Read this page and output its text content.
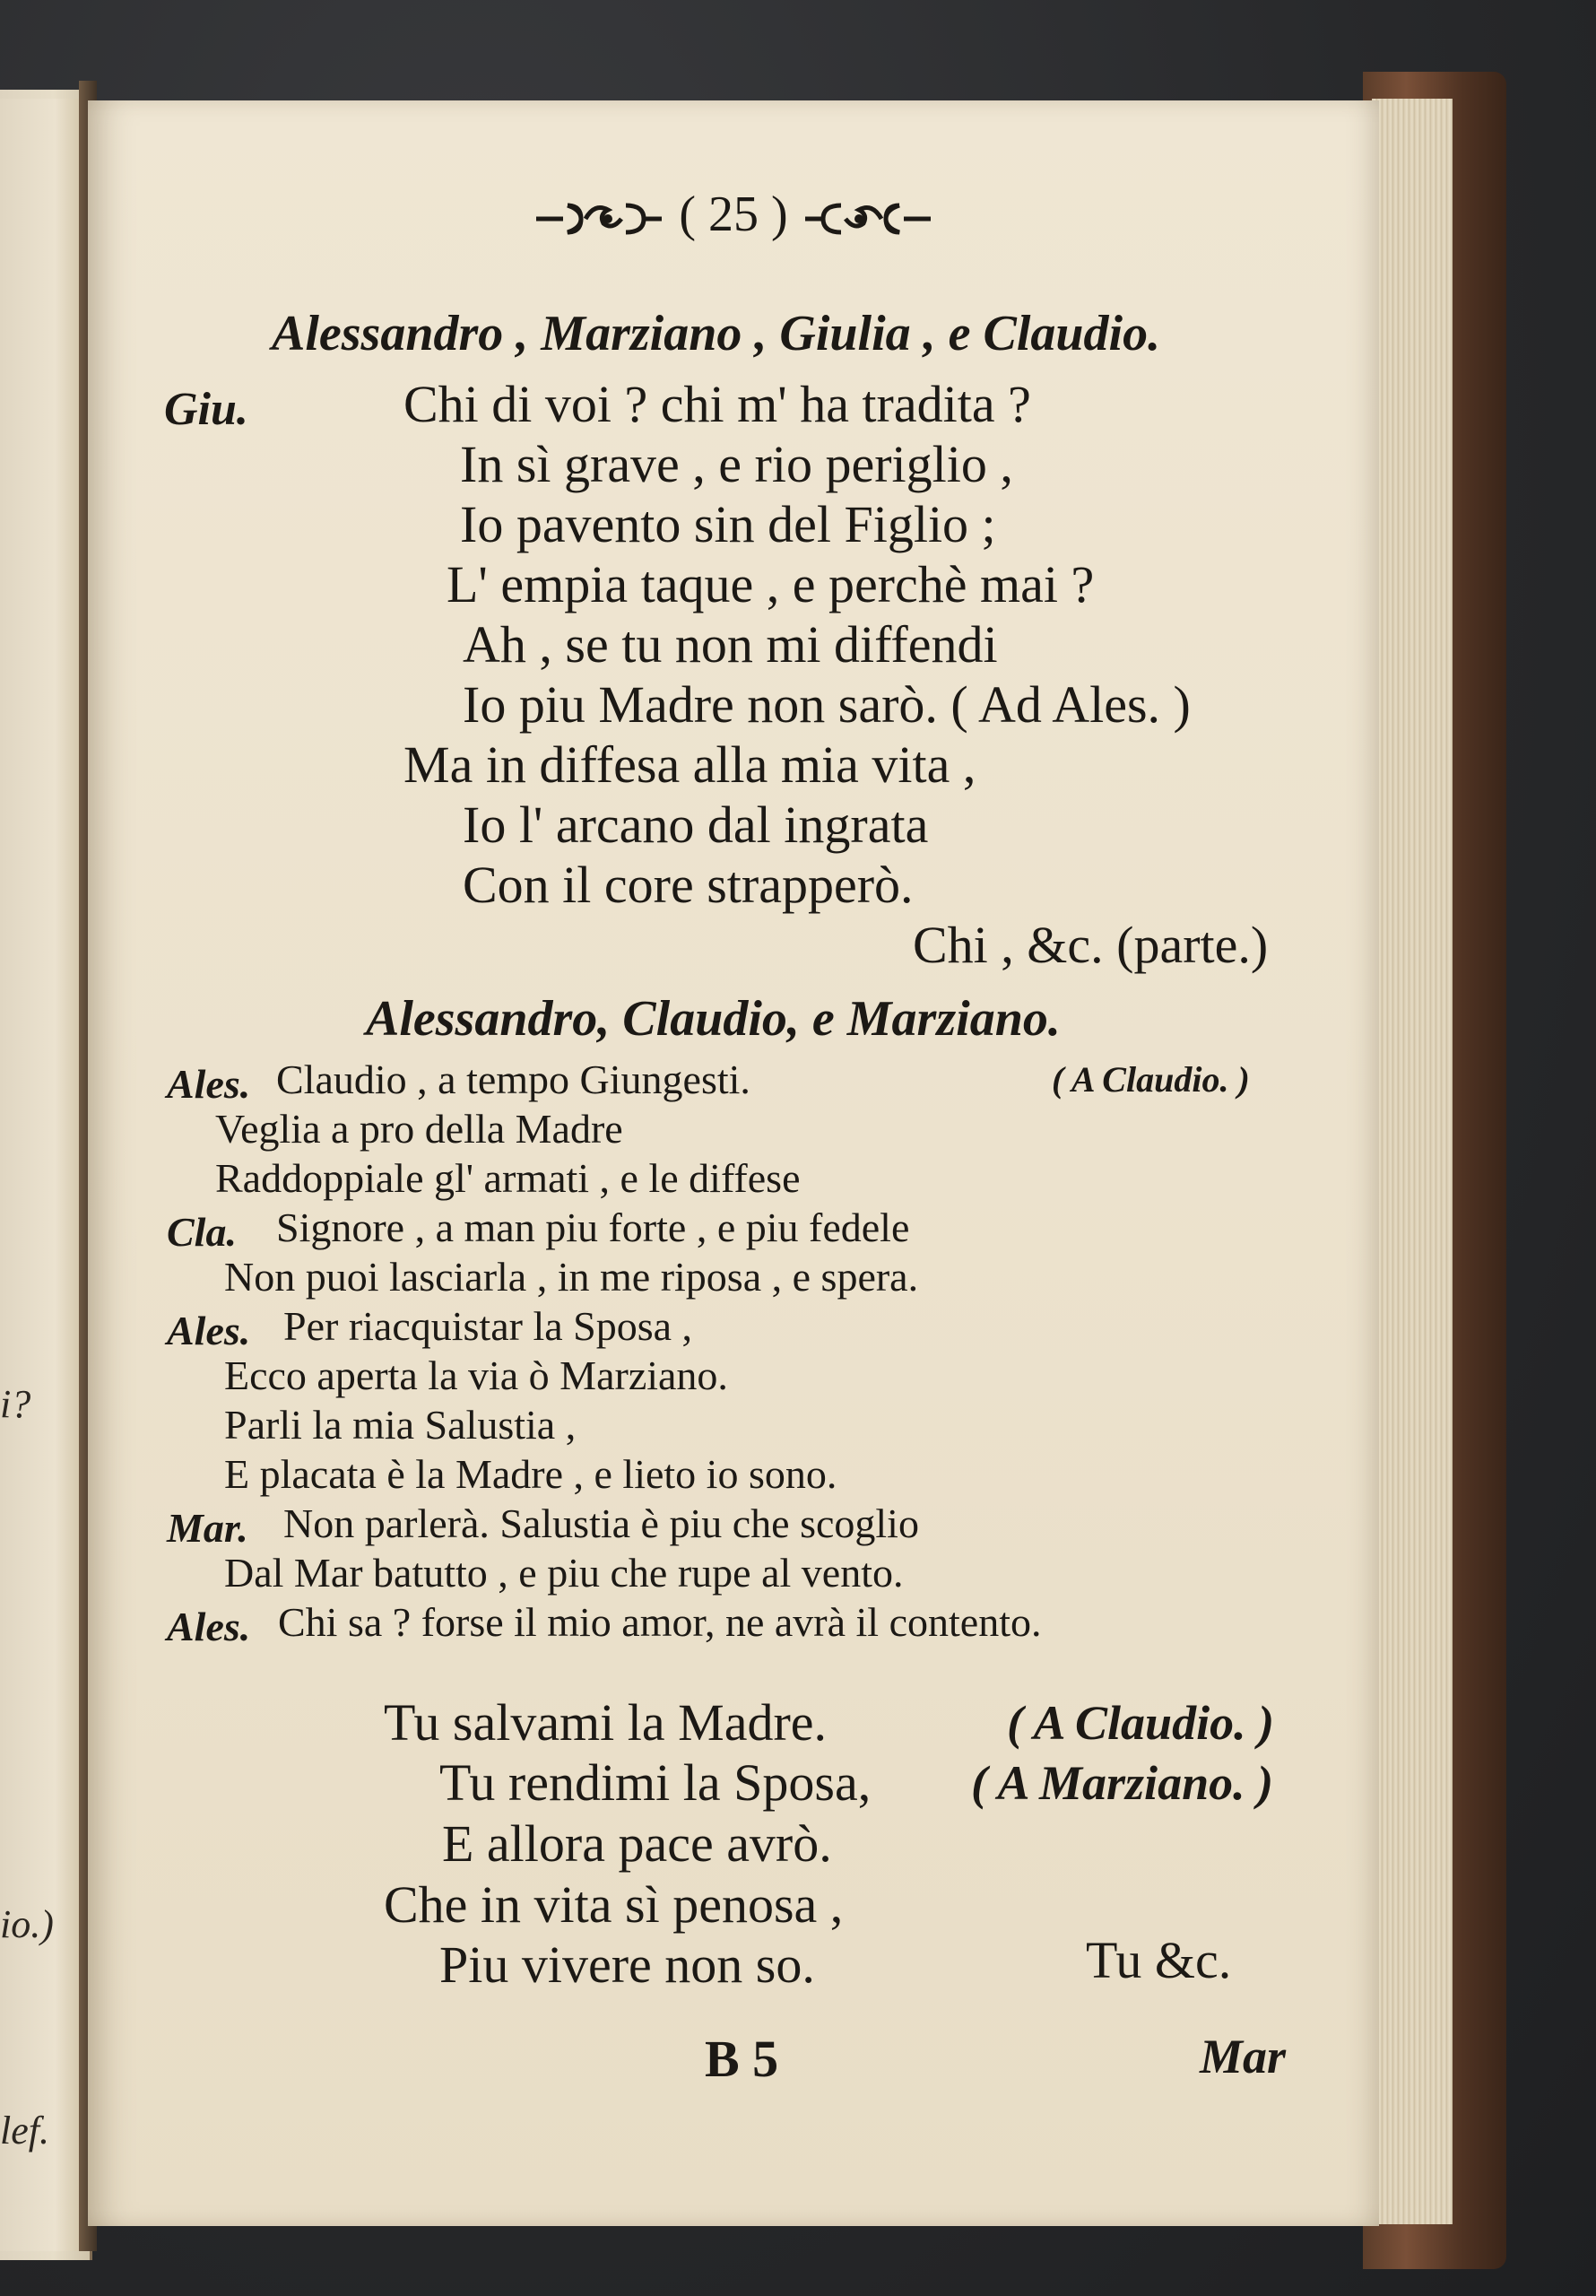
i?
io.)
lef.
( 25 )
Alessandro , Marziano , Giulia , e Claudio.
Giu.	Chi di voi ? chi m' ha tradita ?
In sì grave , e rio periglio ,
Io pavento sin del Figlio ;
L' empia taque , e perchè mai ?
Ah , se tu non mi diffendi
Io piu Madre non sarò. ( Ad Ales. )
Ma in diffesa alla mia vita ,
Io l' arcano dal ingrata
Con il core strapperò.
Chi , &c. (parte.)
Alessandro, Claudio, e Marziano.
Ales. Claudio , a tempo Giungesti.	( A Claudio. )
Veglia a pro della Madre
Raddoppiale gl' armati , e le diffese
Cla. Signore , a man piu forte , e piu fedele
Non puoi lasciarla , in me riposa , e spera.
Ales. Per riacquistar la Sposa ,
Ecco aperta la via ò Marziano.
Parli la mia Salustia ,
E placata è la Madre , e lieto io sono.
Mar. Non parlerà. Salustia è piu che scoglio
Dal Mar batutto , e piu che rupe al vento.
Ales. Chi sa ? forse il mio amor, ne avrà il contento.
Tu salvami la Madre.	( A Claudio. )
Tu rendimi la Sposa, ( A Marziano. )
E allora pace avrò.
Che in vita sì penosa ,
Piu vivere non so.	Tu &c.
B 5	Mar
